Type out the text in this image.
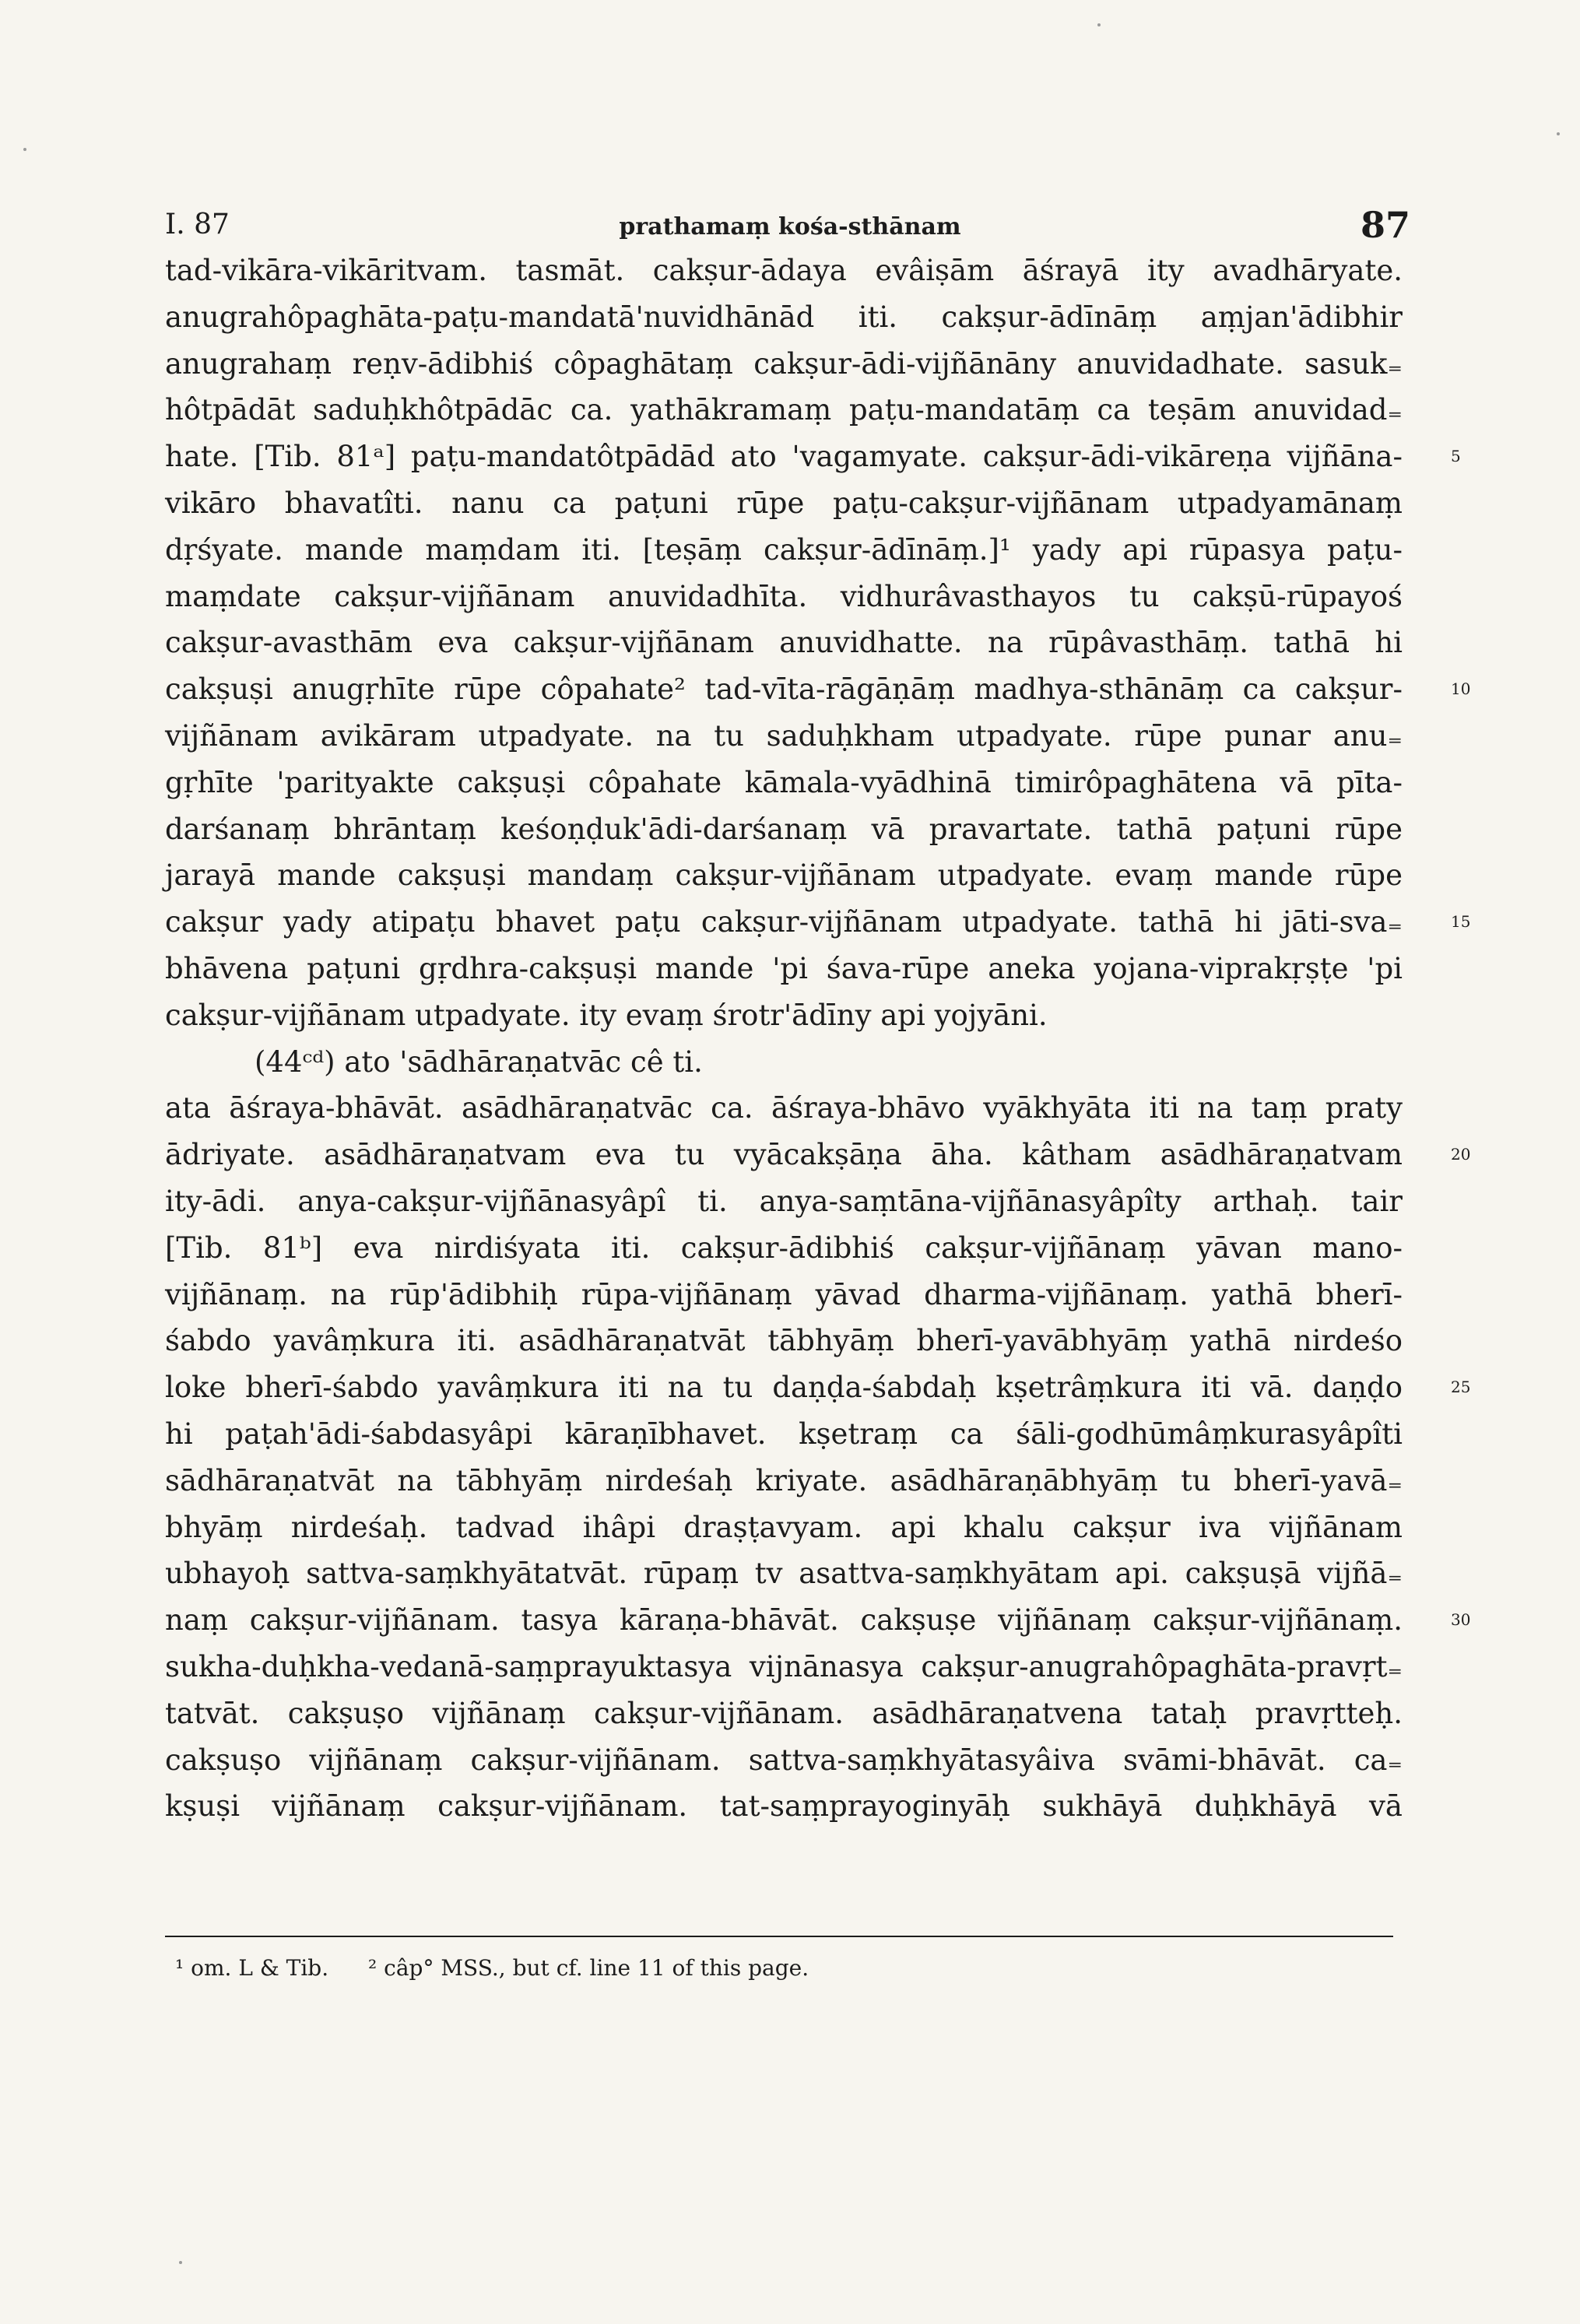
I. 87	prathamaṃ kośa-sthānam	87
tad-vikāra-vikāritvam. tasmāt. cakṣur-ādaya evâiṣām āśrayā ity avadhāryate.
anugrahôpaghāta-paṭu-mandatā'nuvidhānād iti. cakṣur-ādīnāṃ aṃjan'ādibhir
anugrahaṃ reṇv-ādibhiś côpaghātaṃ cakṣur-ādi-vijñānāny anuvidadhate. sasuk₌
hôtpādāt saduḥkhôtpādāc ca. yathākramaṃ paṭu-mandatāṃ ca teṣām anuvidad₌
hate. [Tib. 81ᵃ] paṭu-mandatôtpādād ato 'vagamyate. cakṣur-ādi-vikāreṇa vijñāna-	5
vikāro bhavatîti. nanu ca paṭuni rūpe paṭu-cakṣur-vijñānam utpadyamānaṃ
dṛśyate. mande maṃdam iti. [teṣāṃ cakṣur-ādīnāṃ.]¹ yady api rūpasya paṭu-
maṃdate cakṣur-vijñānam anuvidadhīta. vidhurâvasthayos tu cakṣū-rūpayoś
cakṣur-avasthām eva cakṣur-vijñānam anuvidhatte. na rūpâvasthāṃ. tathā hi
cakṣuṣi anugṛhīte rūpe côpahate² tad-vīta-rāgāṇāṃ madhya-sthānāṃ ca cakṣur-	10
vijñānam avikāram utpadyate. na tu saduḥkham utpadyate. rūpe punar anu₌
gṛhīte 'parityakte cakṣuṣi côpahate kāmala-vyādhinā timirôpaghātena vā pīta-
darśanaṃ bhrāntaṃ keśoṇḍuk'ādi-darśanaṃ vā pravartate. tathā paṭuni rūpe
jarayā mande cakṣuṣi mandaṃ cakṣur-vijñānam utpadyate. evaṃ mande rūpe
cakṣur yady atipaṭu bhavet paṭu cakṣur-vijñānam utpadyate. tathā hi jāti-sva₌	15
bhāvena paṭuni gṛdhra-cakṣuṣi mande 'pi śava-rūpe aneka yojana-viprakṛṣṭe 'pi
cakṣur-vijñānam utpadyate. ity evaṃ śrotr'ādīny api yojyāni.
(44ᶜᵈ) ato 'sādhāraṇatvāc cê ti.
ata āśraya-bhāvāt. asādhāraṇatvāc ca. āśraya-bhāvo vyākhyāta iti na taṃ praty
ādriyate. asādhāraṇatvam eva tu vyācakṣāṇa āha. kâtham asādhāraṇatvam	20
ity-ādi. anya-cakṣur-vijñānasyâpî ti. anya-saṃtāna-vijñānasyâpîty arthaḥ. tair
[Tib. 81ᵇ] eva nirdiśyata iti. cakṣur-ādibhiś cakṣur-vijñānaṃ yāvan mano-
vijñānaṃ. na rūp'ādibhiḥ rūpa-vijñānaṃ yāvad dharma-vijñānaṃ. yathā bherī-
śabdo yavâṃkura iti. asādhāraṇatvāt tābhyāṃ bherī-yavābhyāṃ yathā nirdeśo
loke bherī-śabdo yavâṃkura iti na tu daṇḍa-śabdaḥ kṣetrâṃkura iti vā. daṇḍo	25
hi paṭah'ādi-śabdasyâpi kāraṇībhavet. kṣetraṃ ca śāli-godhūmâṃkurasyâpîti
sādhāraṇatvāt na tābhyāṃ nirdeśaḥ kriyate. asādhāraṇābhyāṃ tu bherī-yavā₌
bhyāṃ nirdeśaḥ. tadvad ihâpi draṣṭavyam. api khalu cakṣur iva vijñānam
ubhayoḥ sattva-saṃkhyātatvāt. rūpaṃ tv asattva-saṃkhyātam api. cakṣuṣā vijñā₌
naṃ cakṣur-vijñānam. tasya kāraṇa-bhāvāt. cakṣuṣe vijñānaṃ cakṣur-vijñānaṃ.	30
sukha-duḥkha-vedanā-saṃprayuktasya vijnānasya cakṣur-anugrahôpaghāta-pravṛt₌
tatvāt. cakṣuṣo vijñānaṃ cakṣur-vijñānam. asādhāraṇatvena tataḥ pravṛtteḥ.
cakṣuṣo vijñānaṃ cakṣur-vijñānam. sattva-saṃkhyātasyâiva svāmi-bhāvāt. ca₌
kṣuṣi vijñānaṃ cakṣur-vijñānam. tat-saṃprayoginyāḥ sukhāyā duḥkhāyā vā
¹ om. L & Tib. ² câp° MSS., but cf. line 11 of this page.
